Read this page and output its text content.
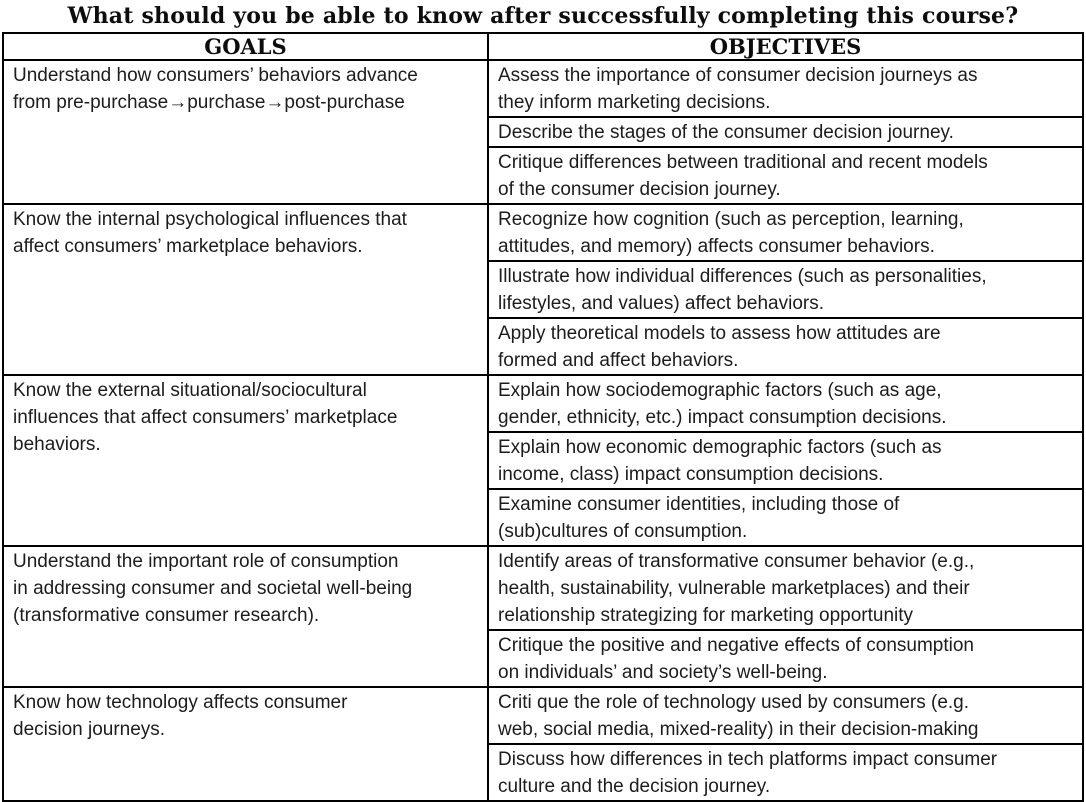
What should you be able to know after successfully completing this course?
GOALS	OBJECTIVES
Understand how consumers’ behaviors advance
from pre-purchase→purchase→post-purchase	Assess the importance of consumer decision journeys as
they inform marketing decisions.
	Describe the stages of the consumer decision journey.
	Critique differences between traditional and recent models
of the consumer decision journey.
Know the internal psychological influences that
affect consumers’ marketplace behaviors.	Recognize how cognition (such as perception, learning,
attitudes, and memory) affects consumer behaviors.
	Illustrate how individual differences (such as personalities,
lifestyles, and values) affect behaviors.
	Apply theoretical models to assess how attitudes are
formed and affect behaviors.
Know the external situational/sociocultural
influences that affect consumers’ marketplace
behaviors.	Explain how sociodemographic factors (such as age,
gender, ethnicity, etc.) impact consumption decisions.
	Explain how economic demographic factors (such as
income, class) impact consumption decisions.
	Examine consumer identities, including those of
(sub)cultures of consumption.
Understand the important role of consumption
in addressing consumer and societal well-being
(transformative consumer research).	Identify areas of transformative consumer behavior (e.g.,
health, sustainability, vulnerable marketplaces) and their
relationship strategizing for marketing opportunity
	Critique the positive and negative effects of consumption
on individuals’ and society’s well-being.
Know how technology affects consumer
decision journeys.	Criti que the role of technology used by consumers (e.g.
web, social media, mixed-reality) in their decision-making
	Discuss how differences in tech platforms impact consumer
culture and the decision journey.
